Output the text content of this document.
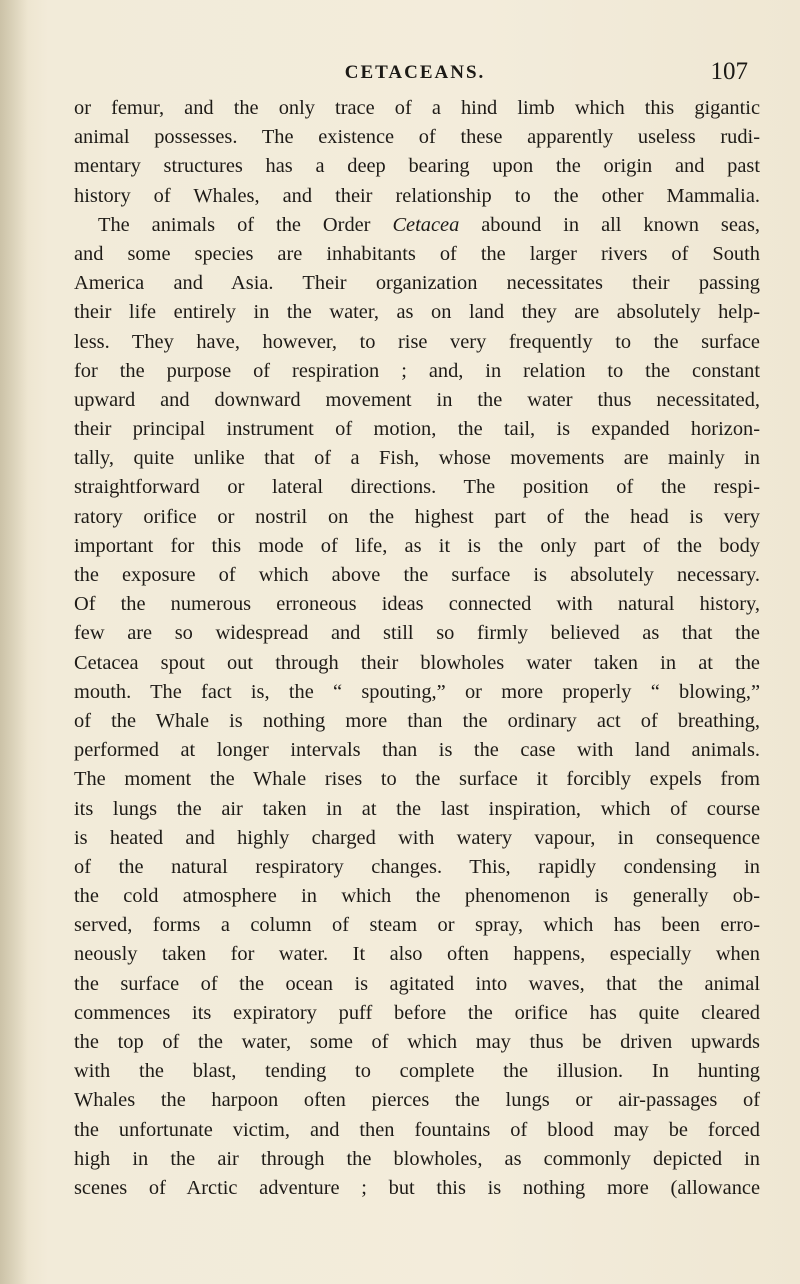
CETACEANS.	107
or femur, and the only trace of a hind limb which this gigantic
animal possesses. The existence of these apparently useless rudi-
mentary structures has a deep bearing upon the origin and past
history of Whales, and their relationship to the other Mammalia.
The animals of the Order Cetacea abound in all known seas,
and some species are inhabitants of the larger rivers of South
America and Asia. Their organization necessitates their passing
their life entirely in the water, as on land they are absolutely help-
less. They have, however, to rise very frequently to the surface
for the purpose of respiration ; and, in relation to the constant
upward and downward movement in the water thus necessitated,
their principal instrument of motion, the tail, is expanded horizon-
tally, quite unlike that of a Fish, whose movements are mainly in
straightforward or lateral directions. The position of the respi-
ratory orifice or nostril on the highest part of the head is very
important for this mode of life, as it is the only part of the body
the exposure of which above the surface is absolutely necessary.
Of the numerous erroneous ideas connected with natural history,
few are so widespread and still so firmly believed as that the
Cetacea spout out through their blowholes water taken in at the
mouth. The fact is, the “ spouting,” or more properly “ blowing,”
of the Whale is nothing more than the ordinary act of breathing,
performed at longer intervals than is the case with land animals.
The moment the Whale rises to the surface it forcibly expels from
its lungs the air taken in at the last inspiration, which of course
is heated and highly charged with watery vapour, in consequence
of the natural respiratory changes. This, rapidly condensing in
the cold atmosphere in which the phenomenon is generally ob-
served, forms a column of steam or spray, which has been erro-
neously taken for water. It also often happens, especially when
the surface of the ocean is agitated into waves, that the animal
commences its expiratory puff before the orifice has quite cleared
the top of the water, some of which may thus be driven upwards
with the blast, tending to complete the illusion. In hunting
Whales the harpoon often pierces the lungs or air-passages of
the unfortunate victim, and then fountains of blood may be forced
high in the air through the blowholes, as commonly depicted in
scenes of Arctic adventure ; but this is nothing more (allowance
